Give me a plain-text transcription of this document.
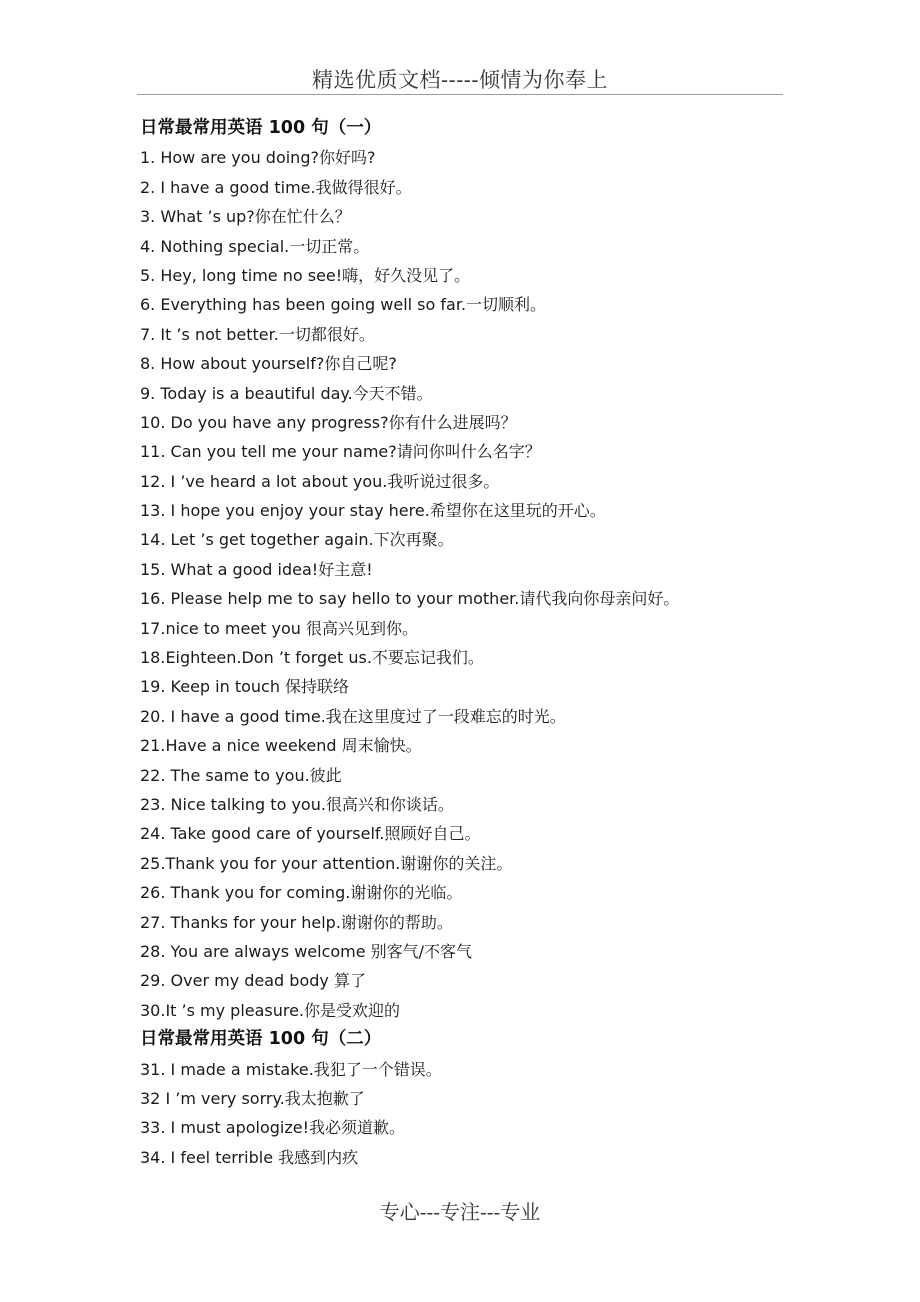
精选优质文档-----倾情为你奉上
日常最常用英语 100 句（一）
1. How are you doing?你好吗?
2. I have a good time.我做得很好。
3. What ’s up?你在忙什么？
4. Nothing special.一切正常。
5. Hey, long time no see!嗨，好久没见了。
6. Everything has been going well so far.一切顺利。
7. It ’s not better.一切都很好。
8. How about yourself?你自己呢?
9. Today is a beautiful day.今天不错。
10. Do you have any progress?你有什么进展吗？
11. Can you tell me your name?请问你叫什么名字？
12. I ’ve heard a lot about you.我听说过很多。
13. I hope you enjoy your stay here.希望你在这里玩的开心。
14. Let ’s get together again.下次再聚。
15. What a good idea!好主意!
16. Please help me to say hello to your mother.请代我向你母亲问好。
17.nice to meet you 很高兴见到你。
18.Eighteen.Don ’t forget us.不要忘记我们。
19. Keep in touch 保持联络
20. I have a good time.我在这里度过了一段难忘的时光。
21.Have a nice weekend 周末愉快。
22. The same to you.彼此
23. Nice talking to you.很高兴和你谈话。
24. Take good care of yourself.照顾好自己。
25.Thank you for your attention.谢谢你的关注。
26. Thank you for coming.谢谢你的光临。
27. Thanks for your help.谢谢你的帮助。
28. You are always welcome 别客气/不客气
29. Over my dead body 算了
30.It ’s my pleasure.你是受欢迎的
日常最常用英语 100 句（二）
31. I made a mistake.我犯了一个错误。
32 I ’m very sorry.我太抱歉了
33. I must apologize!我必须道歉。
34. I feel terrible 我感到内疚
专心---专注---专业
